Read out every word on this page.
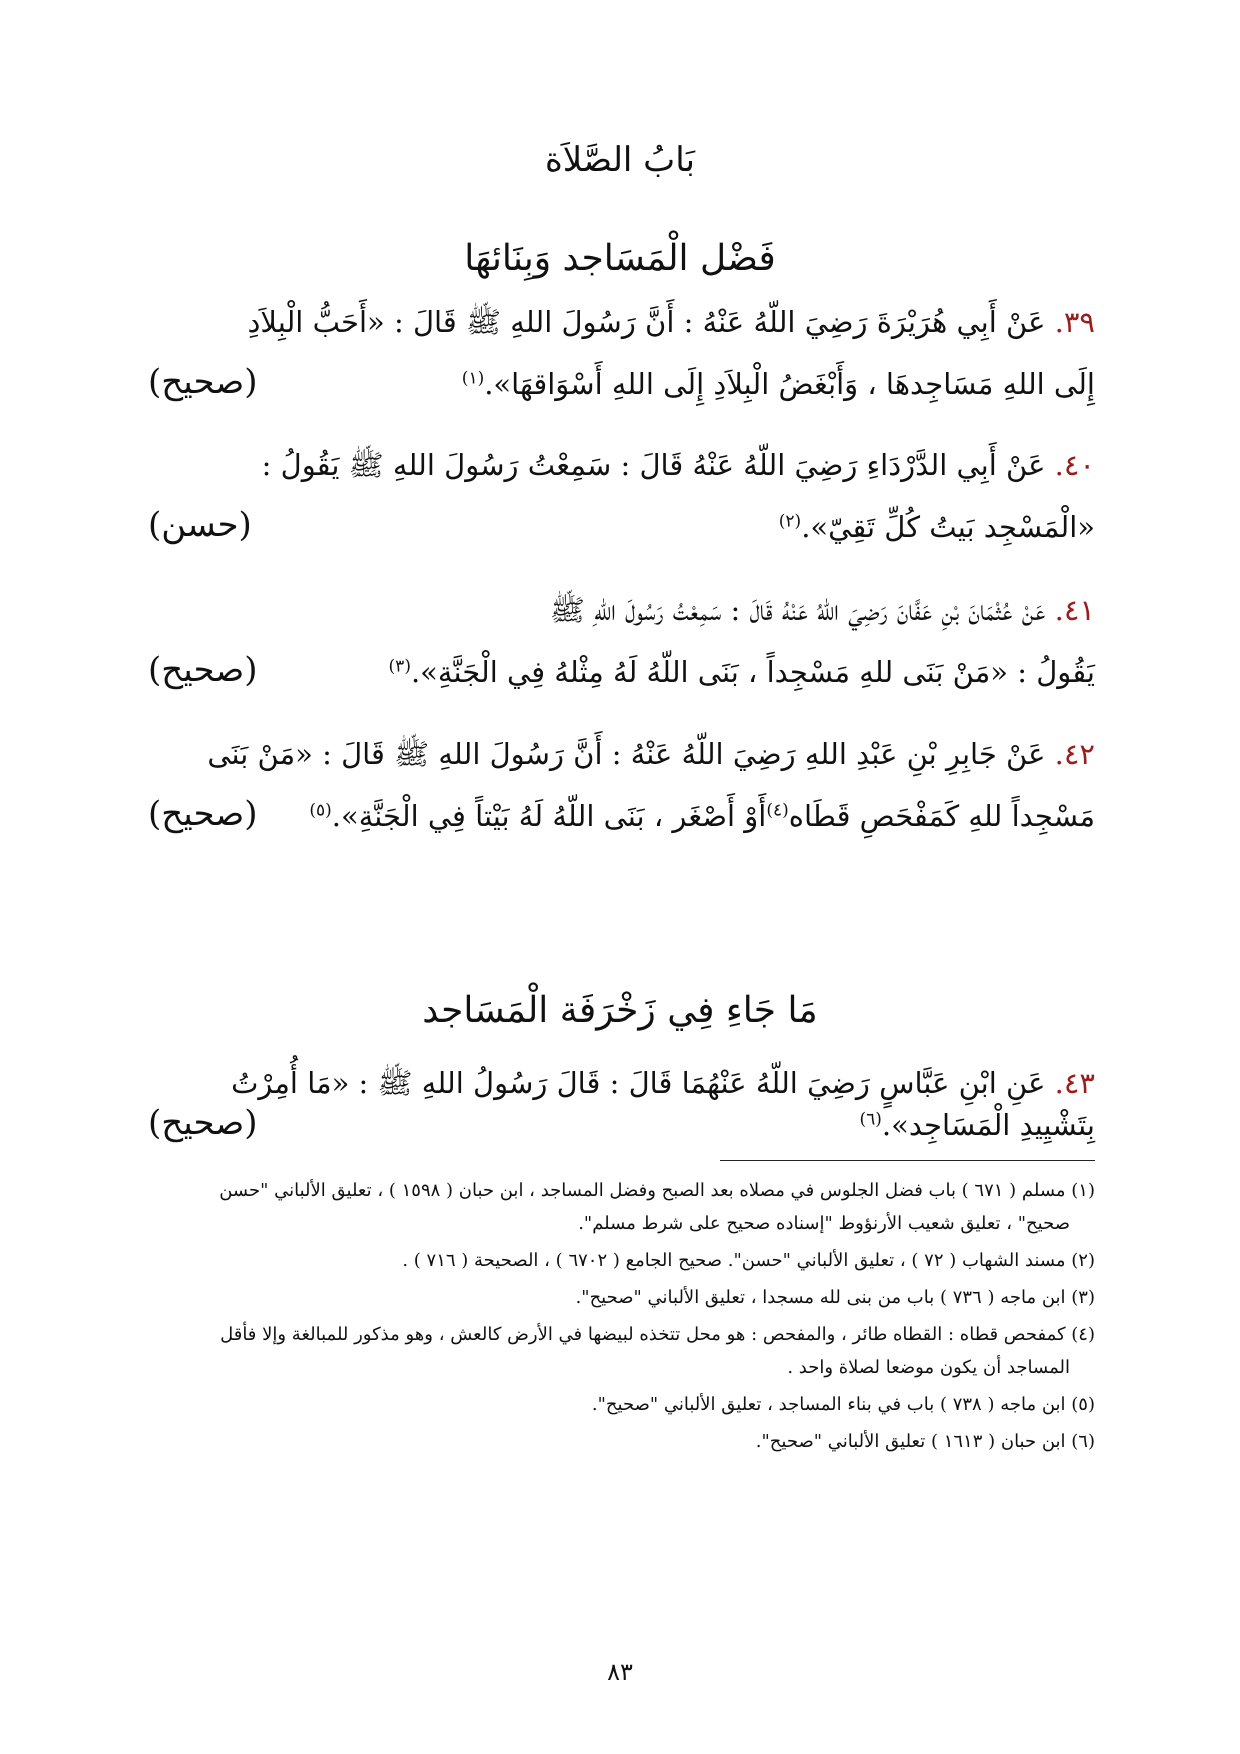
بَابُ الصَّلاَة
فَضْل الْمَسَاجد وَبِنَائهَا
٣٩. عَنْ أَبِي هُرَيْرَةَ رَضِيَ اللّهُ عَنْهُ : أَنَّ رَسُولَ اللهِ ﷺ قَالَ : «أَحَبُّ الْبِلاَدِ
إِلَى اللهِ مَسَاجِدهَا ، وَأَبْغَضُ الْبِلاَدِ إِلَى اللهِ أَسْوَاقهَا».$^{(١)}$
(صحيح)
٤٠. عَنْ أَبِي الدَّرْدَاءِ رَضِيَ اللّهُ عَنْهُ قَالَ : سَمِعْتُ رَسُولَ اللهِ ﷺ يَقُولُ :
«الْمَسْجِد بَيتُ كُلِّ تَقِيّ».$^{(٢)}$
(حسن)
٤١. عَنْ عُثْمَانَ بْنِ عَفَّانَ رَضِيَ اللّهُ عَنْهُ قَالَ : سَمِعْتُ رَسُولَ اللهِ ﷺ
يَقُولُ : «مَنْ بَنَى للهِ مَسْجِداً ، بَنَى اللّهُ لَهُ مِثْلهُ فِي الْجَنَّةِ».$^{(٣)}$
(صحيح)
٤٢. عَنْ جَابِرِ بْنِ عَبْدِ اللهِ رَضِيَ اللّهُ عَنْهُ : أَنَّ رَسُولَ اللهِ ﷺ قَالَ : «مَنْ بَنَى
مَسْجِداً للهِ كَمَفْحَصِ قَطَاه$^{(٤)}$أَوْ أَصْغَر ، بَنَى اللّهُ لَهُ بَيْتاً فِي الْجَنَّةِ».$^{(٥)}$
(صحيح)
مَا جَاءِ فِي زَخْرَفَة الْمَسَاجد
٤٣. عَنِ ابْنِ عَبَّاسٍ رَضِيَ اللّهُ عَنْهُمَا قَالَ : قَالَ رَسُولُ اللهِ ﷺ : «مَا أُمِرْتُ
بِتَشْيِيدِ الْمَسَاجِد».$^{(٦)}$
(صحيح)
(١) مسلم ( ٦٧١ ) باب فضل الجلوس في مصلاه بعد الصبح وفضل المساجد ، ابن حبان ( ١٥٩٨ ) ، تعليق الألباني "حسن
صحيح" ، تعليق شعيب الأرنؤوط "إسناده صحيح على شرط مسلم".
(٢) مسند الشهاب ( ٧٢ ) ، تعليق الألباني "حسن". صحيح الجامع ( ٦٧٠٢ ) ، الصحيحة ( ٧١٦ ) .
(٣) ابن ماجه ( ٧٣٦ ) باب من بنى لله مسجدا ، تعليق الألباني "صحيح".
(٤) كمفحص قطاه : القطاه طائر ، والمفحص : هو محل تتخذه لبيضها في الأرض كالعش ، وهو مذكور للمبالغة وإلا فأقل
المساجد أن يكون موضعا لصلاة واحد .
(٥) ابن ماجه ( ٧٣٨ ) باب في بناء المساجد ، تعليق الألباني "صحيح".
(٦) ابن حبان ( ١٦١٣ ) تعليق الألباني "صحيح".
٨٣
